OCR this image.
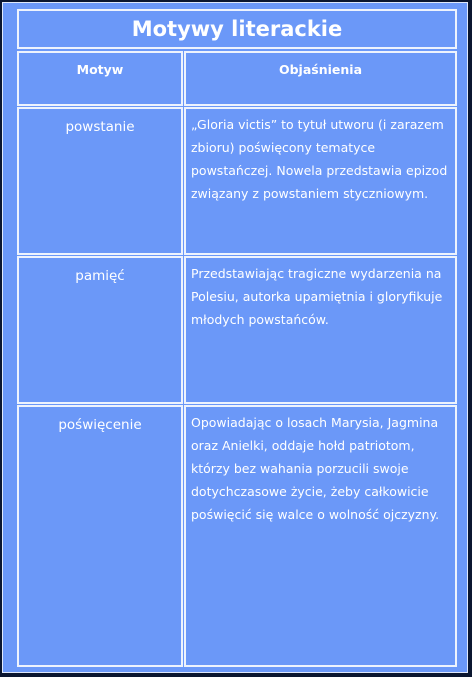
Motywy literackie
Motyw	Objaśnienia
powstanie	„Gloria victis” to tytuł utworu (i zarazem zbioru) poświęcony tematyce powstańczej. Nowela przedstawia epizod związany z powstaniem styczniowym.
pamięć	Przedstawiając tragiczne wydarzenia na Polesiu, autorka upamiętnia i gloryfikuje młodych powstańców.
poświęcenie	Opowiadając o losach Marysia, Jagmina oraz Anielki, oddaje hołd patriotom, którzy bez wahania porzucili swoje dotychczasowe życie, żeby całkowicie poświęcić się walce o wolność ojczyzny.
